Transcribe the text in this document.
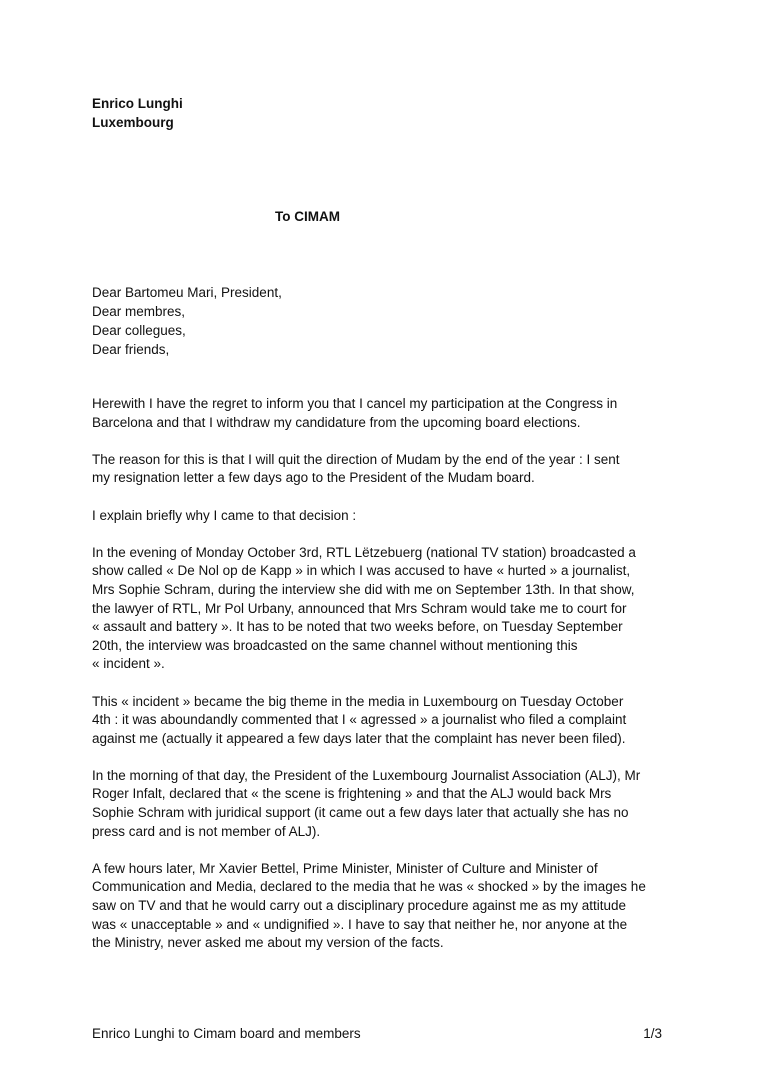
Enrico Lunghi
Luxembourg
To CIMAM
Dear Bartomeu Mari, President,
Dear membres,
Dear collegues,
Dear friends,
Herewith I have the regret to inform you that I cancel my participation at the Congress in
Barcelona and that I withdraw my candidature from the upcoming board elections.
The reason for this is that I will quit the direction of Mudam by the end of the year : I sent
my resignation letter a few days ago to the President of the Mudam board.
I explain briefly why I came to that decision :
In the evening of Monday October 3rd, RTL Lëtzebuerg (national TV station) broadcasted a
show called « De Nol op de Kapp » in which I was accused to have « hurted » a journalist,
Mrs Sophie Schram, during the interview she did with me on September 13th. In that show,
the lawyer of RTL, Mr Pol Urbany, announced that Mrs Schram would take me to court for
« assault and battery ». It has to be noted that two weeks before, on Tuesday September
20th, the interview was broadcasted on the same channel without mentioning this
« incident ».
This « incident » became the big theme in the media in Luxembourg on Tuesday October
4th : it was aboundandly commented that I « agressed » a journalist who filed a complaint
against me (actually it appeared a few days later that the complaint has never been filed).
In the morning of that day, the President of the Luxembourg Journalist Association (ALJ), Mr
Roger Infalt, declared that « the scene is frightening » and that the ALJ would back Mrs
Sophie Schram with juridical support (it came out a few days later that actually she has no
press card and is not member of ALJ).
A few hours later, Mr Xavier Bettel, Prime Minister, Minister of Culture and Minister of
Communication and Media, declared to the media that he was « shocked » by the images he
saw on TV and that he would carry out a disciplinary procedure against me as my attitude
was « unacceptable » and « undignified ». I have to say that neither he, nor anyone at the
the Ministry, never asked me about my version of the facts.
Enrico Lunghi to Cimam board and members	1/3
